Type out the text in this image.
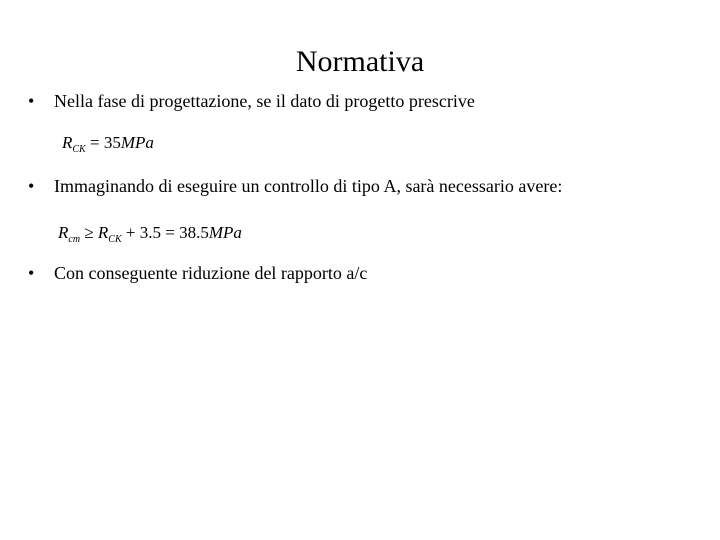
Normativa
• Nella fase di progettazione, se il dato di progetto prescrive
$R_{CK} = 35MPa$
• Immaginando di eseguire un controllo di tipo A, sarà necessario avere:
$R_{cm} \ge R_{CK} + 3.5 = 38.5MPa$
• Con conseguente riduzione del rapporto a/c
